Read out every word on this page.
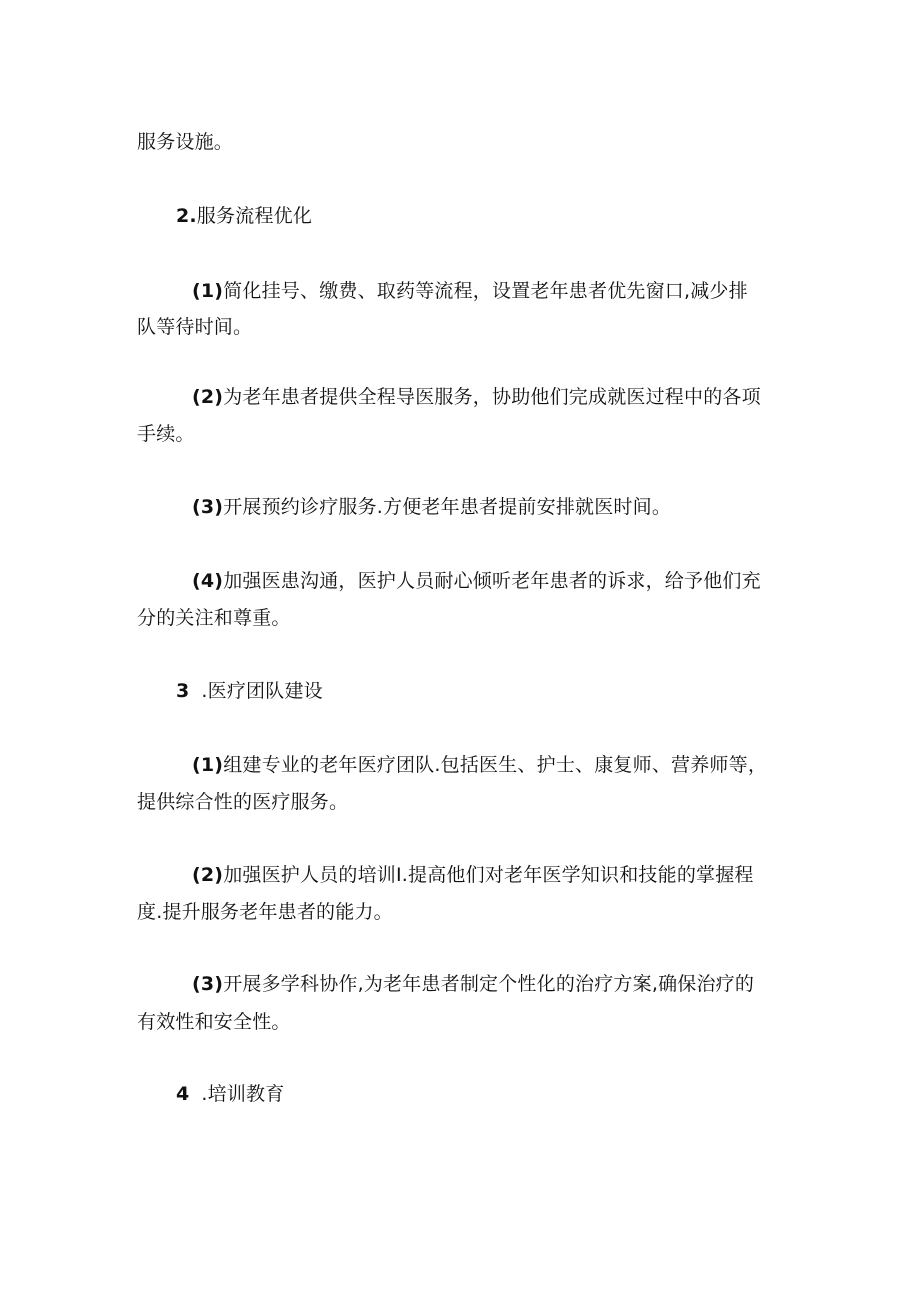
服务设施。
2.服务流程优化
(1)简化挂号、缴费、取药等流程，设置老年患者优先窗口,减少排
队等待时间。
(2)为老年患者提供全程导医服务，协助他们完成就医过程中的各项
手续。
(3)开展预约诊疗服务.方便老年患者提前安排就医时间。
(4)加强医患沟通，医护人员耐心倾听老年患者的诉求，给予他们充
分的关注和尊重。
3 .医疗团队建设
(1)组建专业的老年医疗团队.包括医生、护士、康复师、营养师等，
提供综合性的医疗服务。
(2)加强医护人员的培训I.提高他们对老年医学知识和技能的掌握程
度.提升服务老年患者的能力。
(3)开展多学科协作,为老年患者制定个性化的治疗方案,确保治疗的
有效性和安全性。
4 .培训教育
